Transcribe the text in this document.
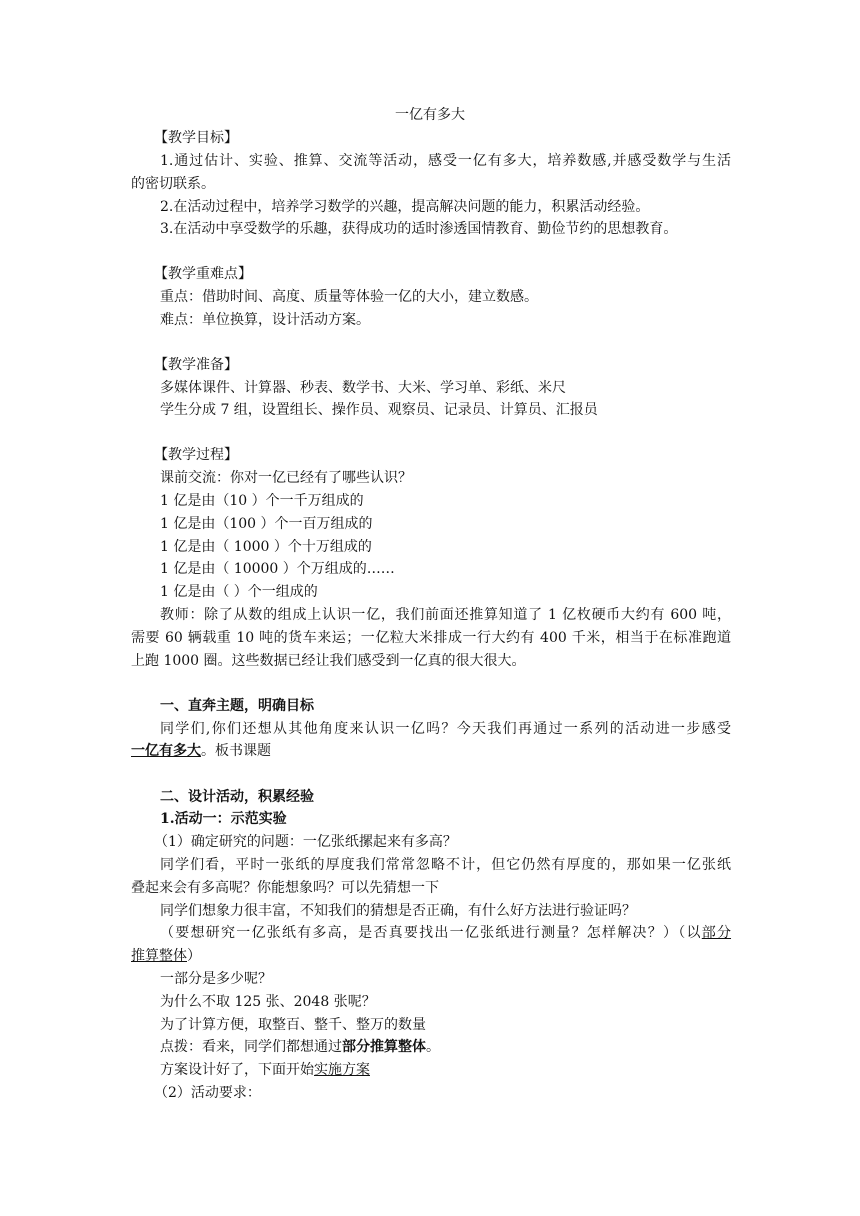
一亿有多大
【教学目标】
1.通过估计、实验、推算、交流等活动，感受一亿有多大，培养数感,并感受数学与生活
的密切联系。
2.在活动过程中，培养学习数学的兴趣，提高解决问题的能力，积累活动经验。
3.在活动中享受数学的乐趣，获得成功的适时渗透国情教育、勤俭节约的思想教育。
【教学重难点】
重点：借助时间、高度、质量等体验一亿的大小，建立数感。
难点：单位换算，设计活动方案。
【教学准备】
多媒体课件、计算器、秒表、数学书、大米、学习单、彩纸、米尺
学生分成 7 组，设置组长、操作员、观察员、记录员、计算员、汇报员
【教学过程】
课前交流：你对一亿已经有了哪些认识？
1 亿是由（10 ）个一千万组成的
1 亿是由（100 ）个一百万组成的
1 亿是由（ 1000 ）个十万组成的
1 亿是由（ 10000 ）个万组成的……
1 亿是由（ ）个一组成的
教师：除了从数的组成上认识一亿，我们前面还推算知道了 1 亿枚硬币大约有 600 吨，
需要 60 辆载重 10 吨的货车来运；一亿粒大米排成一行大约有 400 千米，相当于在标准跑道
上跑 1000 圈。这些数据已经让我们感受到一亿真的很大很大。
一、直奔主题，明确目标
同学们,你们还想从其他角度来认识一亿吗？今天我们再通过一系列的活动进一步感受
一亿有多大。板书课题
二、设计活动，积累经验
1.活动一：示范实验
（1）确定研究的问题：一亿张纸摞起来有多高？
同学们看，平时一张纸的厚度我们常常忽略不计，但它仍然有厚度的，那如果一亿张纸
叠起来会有多高呢？你能想象吗？可以先猜想一下
同学们想象力很丰富，不知我们的猜想是否正确，有什么好方法进行验证吗？
（要想研究一亿张纸有多高，是否真要找出一亿张纸进行测量？怎样解决？）（以部分
推算整体）
一部分是多少呢？
为什么不取 125 张、2048 张呢？
为了计算方便，取整百、整千、整万的数量
点拨：看来，同学们都想通过部分推算整体。
方案设计好了，下面开始实施方案
（2）活动要求：
